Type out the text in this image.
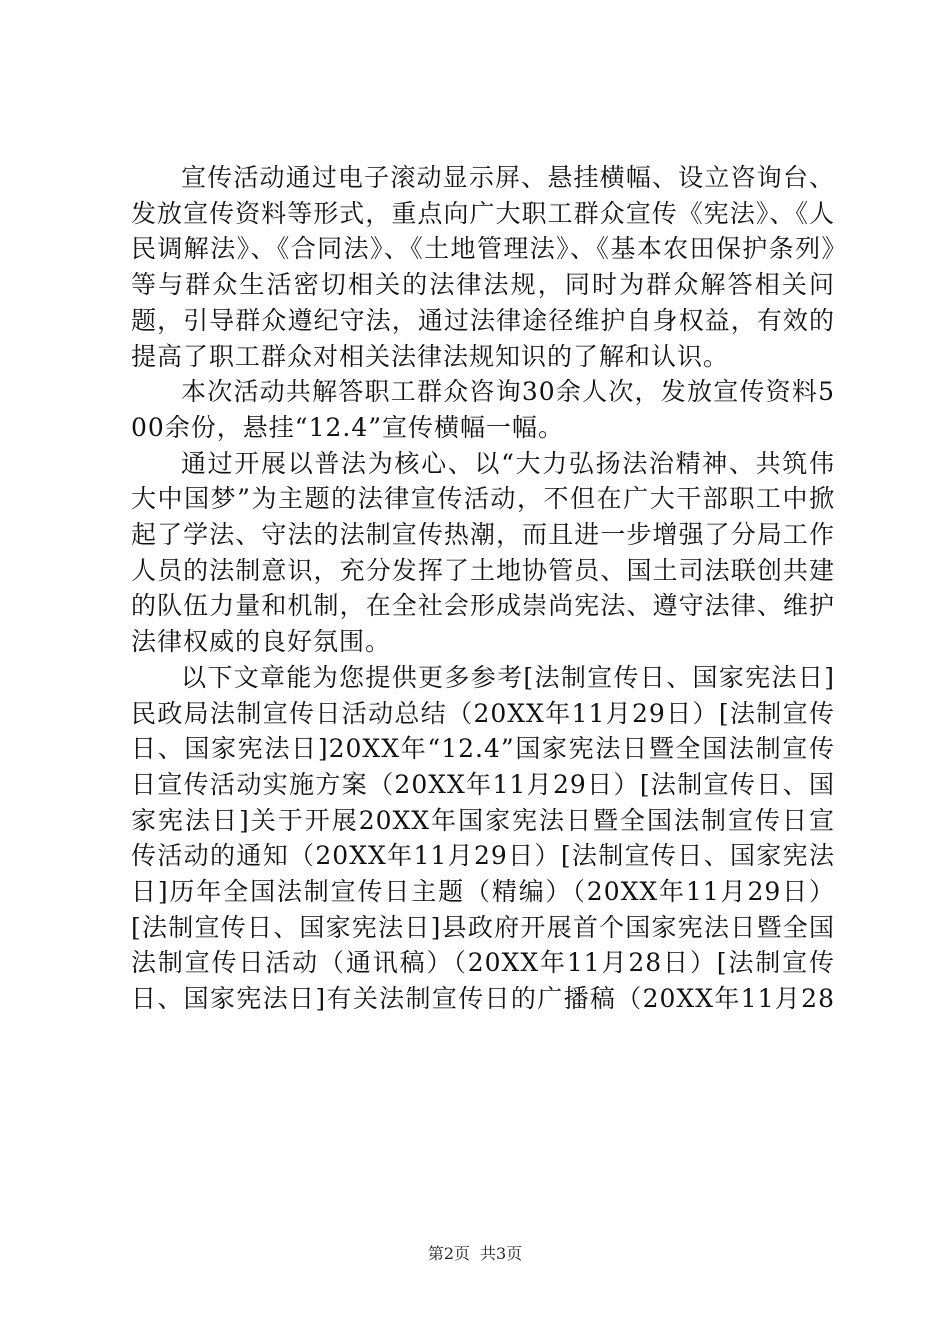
宣传活动通过电子滚动显示屏、悬挂横幅、设立咨询台、发放宣传资料等形式，重点向广大职工群众宣传《宪法》、《人民调解法》、《合同法》、《土地管理法》、《基本农田保护条列》等与群众生活密切相关的法律法规，同时为群众解答相关问题，引导群众遵纪守法，通过法律途径维护自身权益，有效的提高了职工群众对相关法律法规知识的了解和认识。

本次活动共解答职工群众咨询30余人次，发放宣传资料500余份，悬挂“12.4”宣传横幅一幅。

通过开展以普法为核心、以“大力弘扬法治精神、共筑伟大中国梦”为主题的法律宣传活动，不但在广大干部职工中掀起了学法、守法的法制宣传热潮，而且进一步增强了分局工作人员的法制意识，充分发挥了土地协管员、国土司法联创共建的队伍力量和机制，在全社会形成崇尚宪法、遵守法律、维护法律权威的良好氛围。

以下文章能为您提供更多参考[法制宣传日、国家宪法日]民政局法制宣传日活动总结（20XX年11月29日）[法制宣传日、国家宪法日]20XX年“12.4”国家宪法日暨全国法制宣传日宣传活动实施方案（20XX年11月29日）[法制宣传日、国家宪法日]关于开展20XX年国家宪法日暨全国法制宣传日宣传活动的通知（20XX年11月29日）[法制宣传日、国家宪法日]历年全国法制宣传日主题（精编）（20XX年11月29日）[法制宣传日、国家宪法日]县政府开展首个国家宪法日暨全国法制宣传日活动（通讯稿）（20XX年11月28日）[法制宣传日、国家宪法日]有关法制宣传日的广播稿（20XX年11月28

第2页 共3页
